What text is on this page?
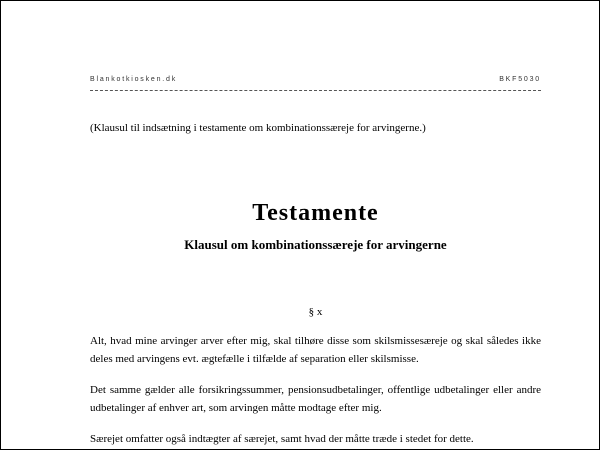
Blankotkiosken.dk	BKF5030
(Klausul til indsætning i testamente om kombinationssæreje for arvingerne.)
Testamente
Klausul om kombinationssæreje for arvingerne
§ x
Alt, hvad mine arvinger arver efter mig, skal tilhøre disse som skilsmissesæreje og skal således ikke deles med arvingens evt. ægtefælle i tilfælde af separation eller skilsmisse.
Det samme gælder alle forsikringssummer, pensionsudbetalinger, offentlige udbetalinger eller andre udbetalinger af enhver art, som arvingen måtte modtage efter mig.
Særejet omfatter også indtægter af særejet, samt hvad der måtte træde i stedet for dette.
